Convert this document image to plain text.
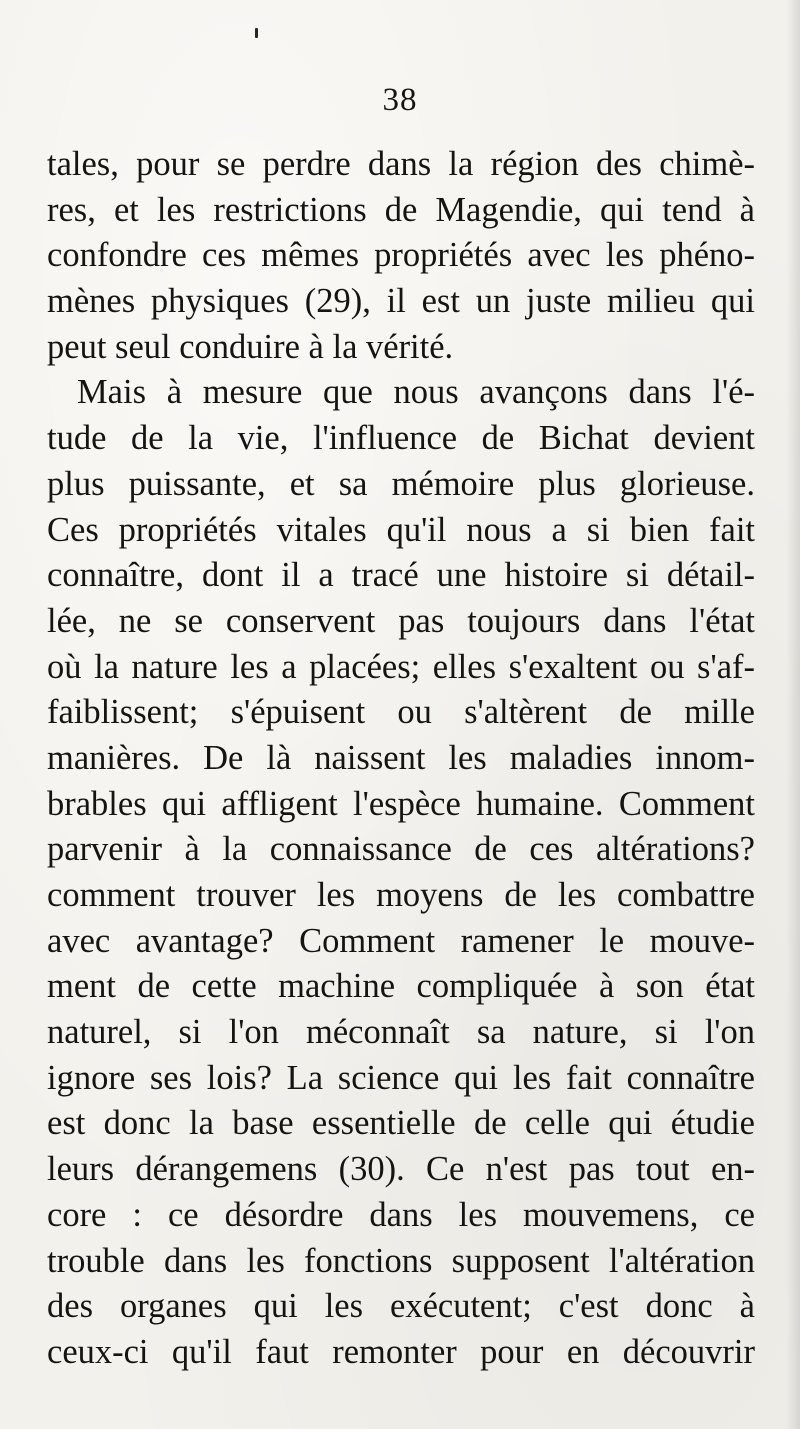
38
tales, pour se perdre dans la région des chimè-
res, et les restrictions de Magendie, qui tend à
confondre ces mêmes propriétés avec les phéno-
mènes physiques (29), il est un juste milieu qui
peut seul conduire à la vérité.
Mais à mesure que nous avançons dans l'é-
tude de la vie, l'influence de Bichat devient
plus puissante, et sa mémoire plus glorieuse.
Ces propriétés vitales qu'il nous a si bien fait
connaître, dont il a tracé une histoire si détail-
lée, ne se conservent pas toujours dans l'état
où la nature les a placées; elles s'exaltent ou s'af-
faiblissent; s'épuisent ou s'altèrent de mille
manières. De là naissent les maladies innom-
brables qui affligent l'espèce humaine. Comment
parvenir à la connaissance de ces altérations?
comment trouver les moyens de les combattre
avec avantage? Comment ramener le mouve-
ment de cette machine compliquée à son état
naturel, si l'on méconnaît sa nature, si l'on
ignore ses lois? La science qui les fait connaître
est donc la base essentielle de celle qui étudie
leurs dérangemens (30). Ce n'est pas tout en-
core : ce désordre dans les mouvemens, ce
trouble dans les fonctions supposent l'altération
des organes qui les exécutent; c'est donc à
ceux-ci qu'il faut remonter pour en découvrir
